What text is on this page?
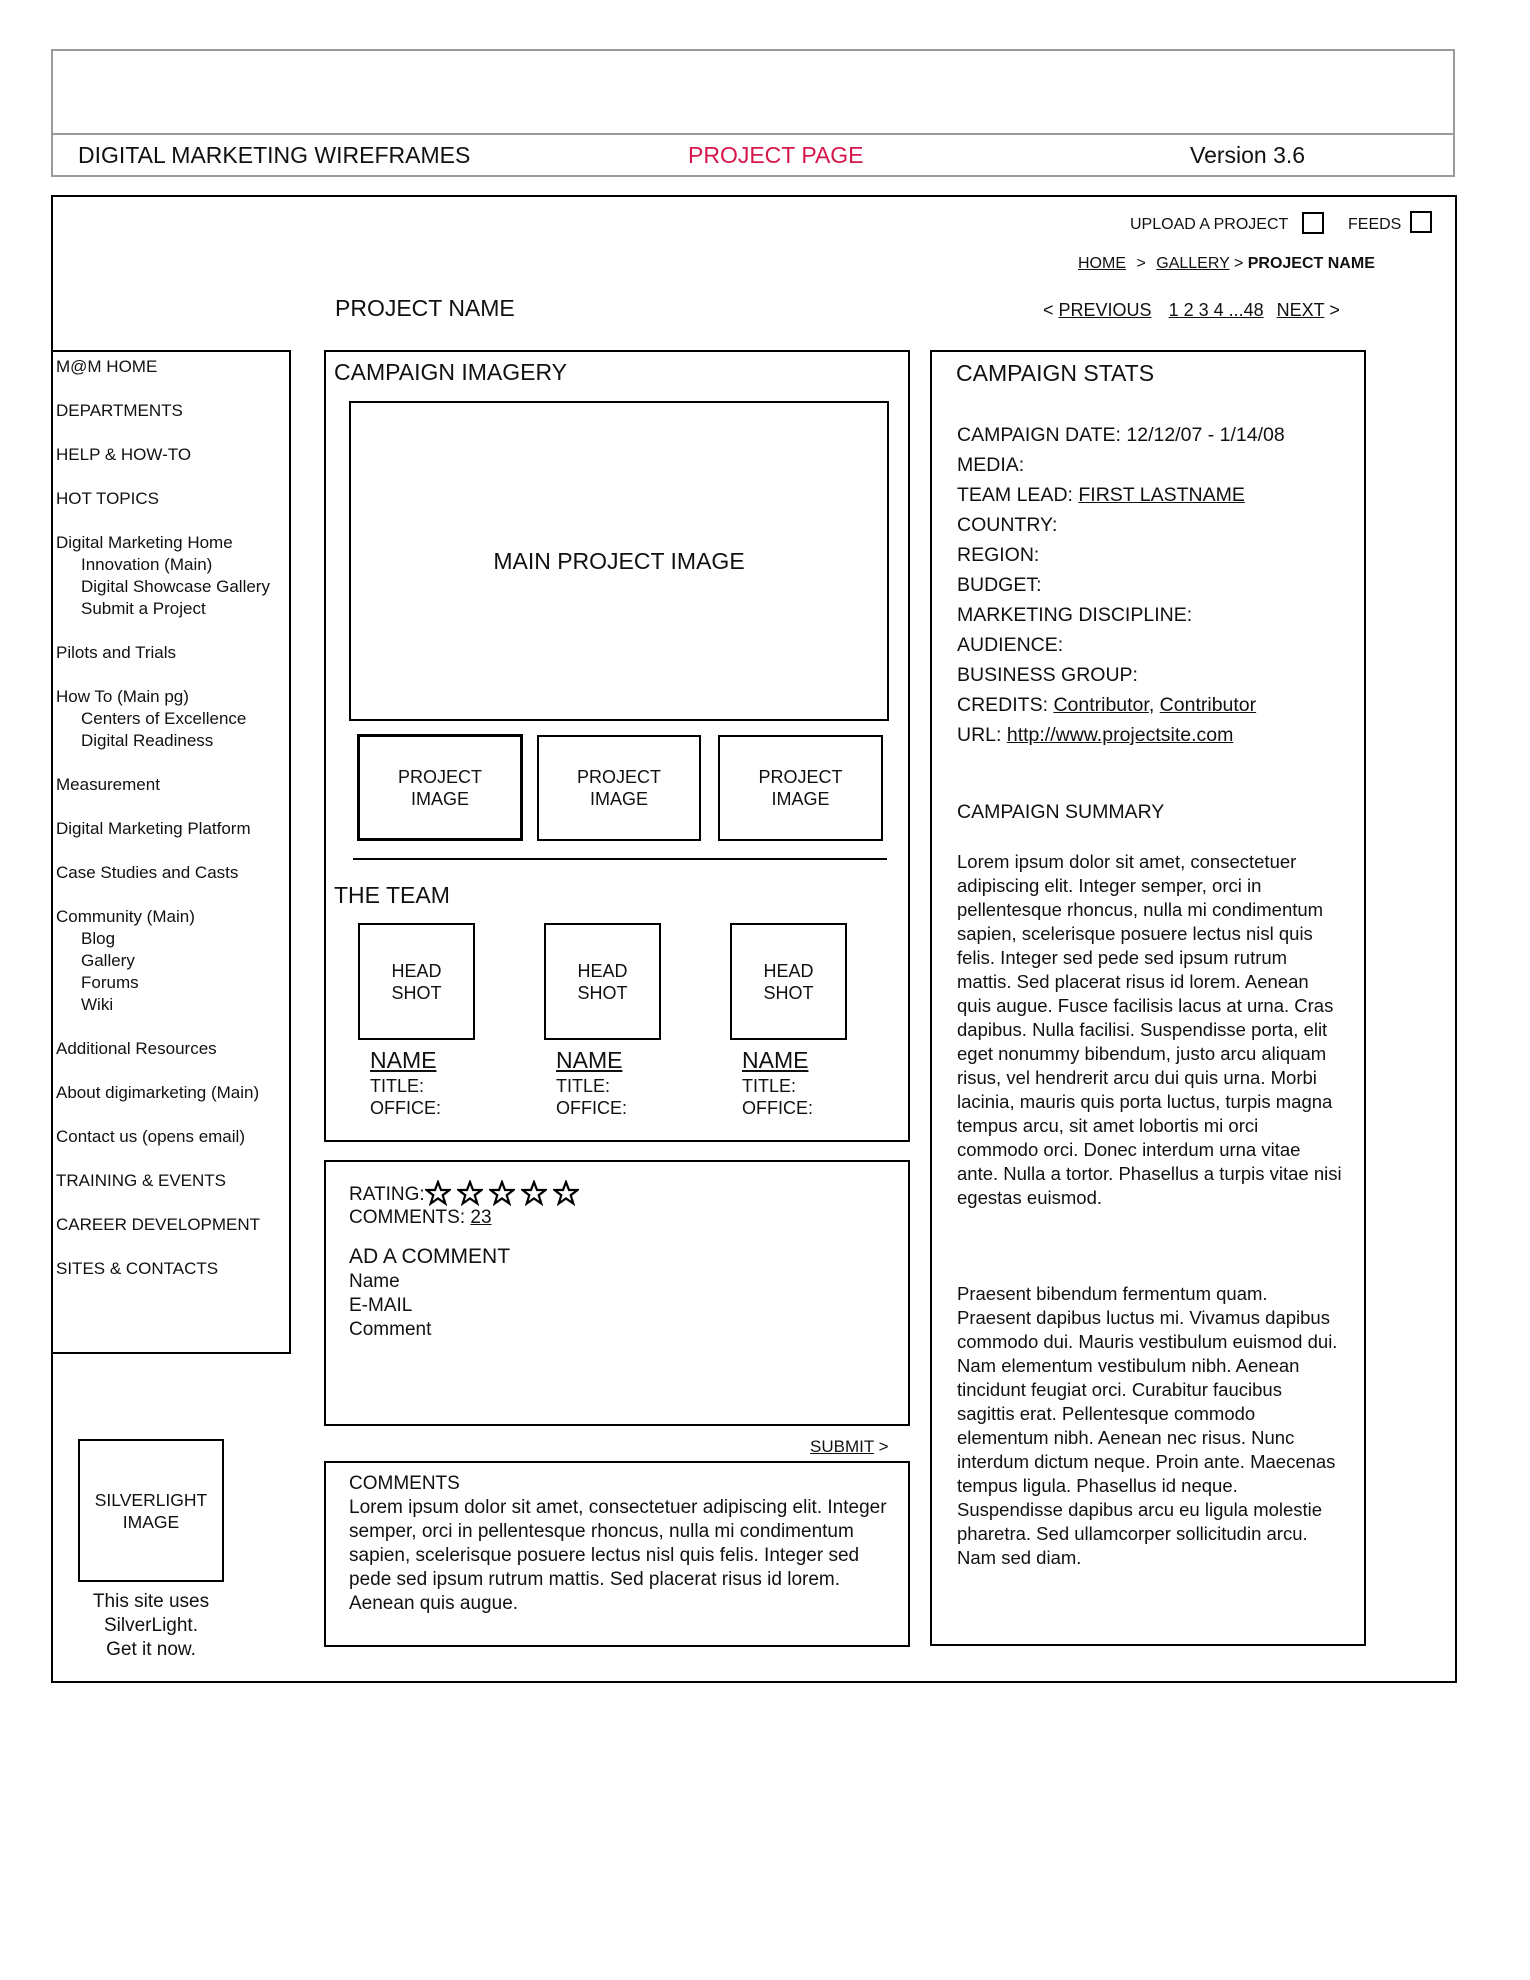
DIGITAL MARKETING WIREFRAMES	PROJECT PAGE	Version 3.6
UPLOAD A PROJECT	FEEDS
HOME > GALLERY > PROJECT NAME
PROJECT NAME	< PREVIOUS 1 2 3 4 ...48 NEXT >
M@M HOME
DEPARTMENTS
HELP & HOW-TO
HOT TOPICS
Digital Marketing Home
Innovation (Main)
Digital Showcase Gallery
Submit a Project
Pilots and Trials
How To (Main pg)
Centers of Excellence
Digital Readiness
Measurement
Digital Marketing Platform
Case Studies and Casts
Community (Main)
Blog
Gallery
Forums
Wiki
Additional Resources
About digimarketing (Main)
Contact us (opens email)
TRAINING & EVENTS
CAREER DEVELOPMENT
SITES & CONTACTS
SILVERLIGHT IMAGE
This site uses
SilverLight.
Get it now.
CAMPAIGN IMAGERY
MAIN PROJECT IMAGE
PROJECT IMAGE
PROJECT IMAGE
PROJECT IMAGE
THE TEAM
HEAD SHOT
HEAD SHOT
HEAD SHOT
NAME
TITLE:
OFFICE:
NAME
TITLE:
OFFICE:
NAME
TITLE:
OFFICE:
RATING:
COMMENTS: 23
AD A COMMENT
Name
E-MAIL
Comment
SUBMIT >
COMMENTS
Lorem ipsum dolor sit amet, consectetuer adipiscing elit. Integer semper, orci in pellentesque rhoncus, nulla mi condimentum sapien, scelerisque posuere lectus nisl quis felis. Integer sed pede sed ipsum rutrum mattis. Sed placerat risus id lorem. Aenean quis augue.
CAMPAIGN STATS
CAMPAIGN DATE: 12/12/07 - 1/14/08
MEDIA:
TEAM LEAD: FIRST LASTNAME
COUNTRY:
REGION:
BUDGET:
MARKETING DISCIPLINE:
AUDIENCE:
BUSINESS GROUP:
CREDITS: Contributor, Contributor
URL: http://www.projectsite.com
CAMPAIGN SUMMARY
Lorem ipsum dolor sit amet, consectetuer adipiscing elit. Integer semper, orci in pellentesque rhoncus, nulla mi condimentum sapien, scelerisque posuere lectus nisl quis felis. Integer sed pede sed ipsum rutrum mattis. Sed placerat risus id lorem. Aenean quis augue. Fusce facilisis lacus at urna. Cras dapibus. Nulla facilisi. Suspendisse porta, elit eget nonummy bibendum, justo arcu aliquam risus, vel hendrerit arcu dui quis urna. Morbi lacinia, mauris quis porta luctus, turpis magna tempus arcu, sit amet lobortis mi orci commodo orci. Donec interdum urna vitae ante. Nulla a tortor. Phasellus a turpis vitae nisi egestas euismod.
Praesent bibendum fermentum quam. Praesent dapibus luctus mi. Vivamus dapibus commodo dui. Mauris vestibulum euismod dui. Nam elementum vestibulum nibh. Aenean tincidunt feugiat orci. Curabitur faucibus sagittis erat. Pellentesque commodo elementum nibh. Aenean nec risus. Nunc interdum dictum neque. Proin ante. Maecenas tempus ligula. Phasellus id neque. Suspendisse dapibus arcu eu ligula molestie pharetra. Sed ullamcorper sollicitudin arcu. Nam sed diam.
